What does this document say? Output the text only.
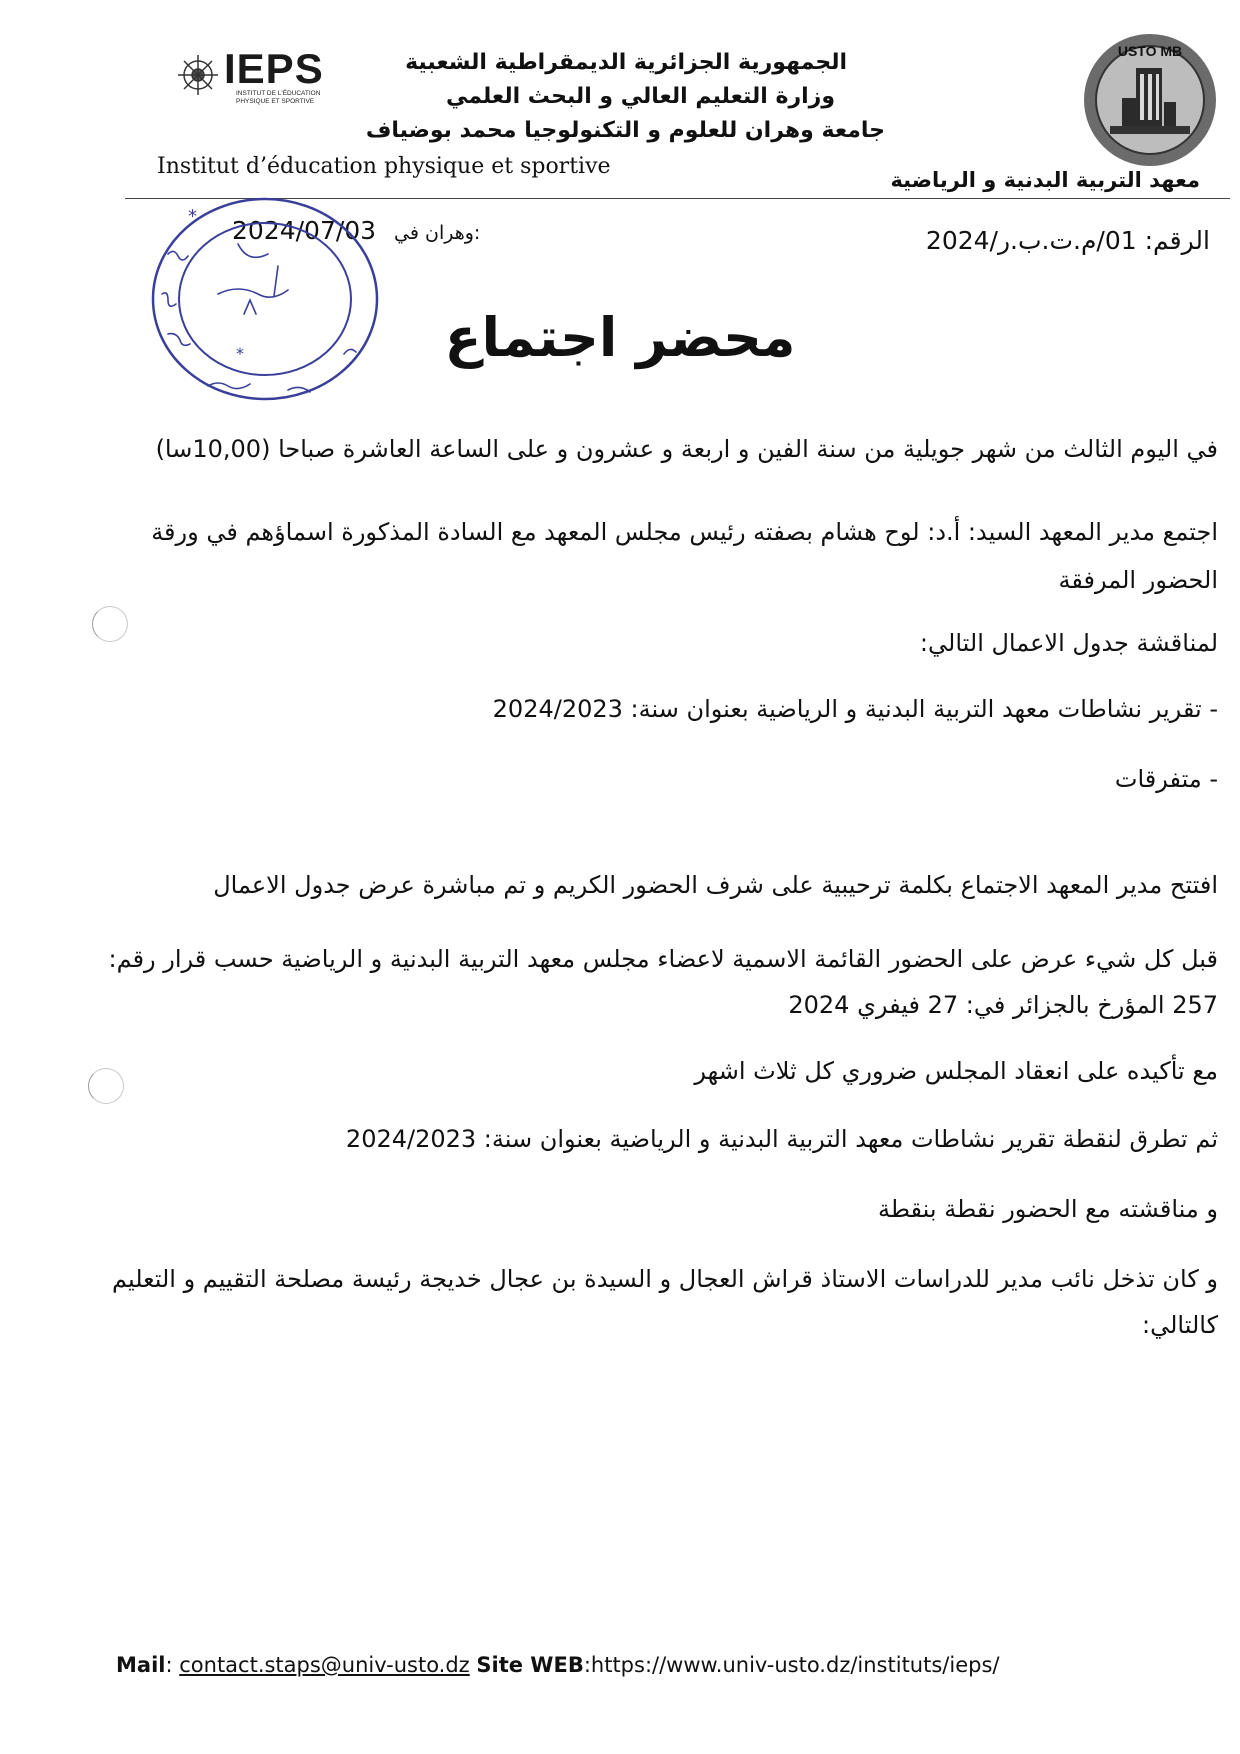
الجمهورية الجزائرية الديمقراطية الشعبية
وزارة التعليم العالي و البحث العلمي
جامعة وهران للعلوم و التكنولوجيا محمد بوضياف
IEPS
INSTITUT DE L'ÉDUCATION
PHYSIQUE ET SPORTIVE
USTO MB
Institut d’éducation physique et sportive
معهد التربية البدنية و الرياضية
الرقم: 01/م.ت.ب.ر/2024
2024/07/03 وهران في:
*
*	محضر اجتماع
في اليوم الثالث من شهر جويلية من سنة الفين و اربعة و عشرون و على الساعة العاشرة صباحا (10,00سا)
اجتمع مدير المعهد السيد: أ.د: لوح هشام بصفته رئيس مجلس المعهد مع السادة المذكورة اسماؤهم في ورقة الحضور المرفقة
لمناقشة جدول الاعمال التالي:
- تقرير نشاطات معهد التربية البدنية و الرياضية بعنوان سنة: 2024/2023
- متفرقات
افتتح مدير المعهد الاجتماع بكلمة ترحيبية على شرف الحضور الكريم و تم مباشرة عرض جدول الاعمال
قبل كل شيء عرض على الحضور القائمة الاسمية لاعضاء مجلس معهد التربية البدنية و الرياضية حسب قرار رقم: 257 المؤرخ بالجزائر في: 27 فيفري 2024
مع تأكيده على انعقاد المجلس ضروري كل ثلاث اشهر
ثم تطرق لنقطة تقرير نشاطات معهد التربية البدنية و الرياضية بعنوان سنة: 2024/2023
و مناقشته مع الحضور نقطة بنقطة
و كان تذخل نائب مدير للدراسات الاستاذ قراش العجال و السيدة بن عجال خديجة رئيسة مصلحة التقييم و التعليم كالتالي:
Mail: contact.staps@univ-usto.dz Site WEB:https://www.univ-usto.dz/instituts/ieps/
